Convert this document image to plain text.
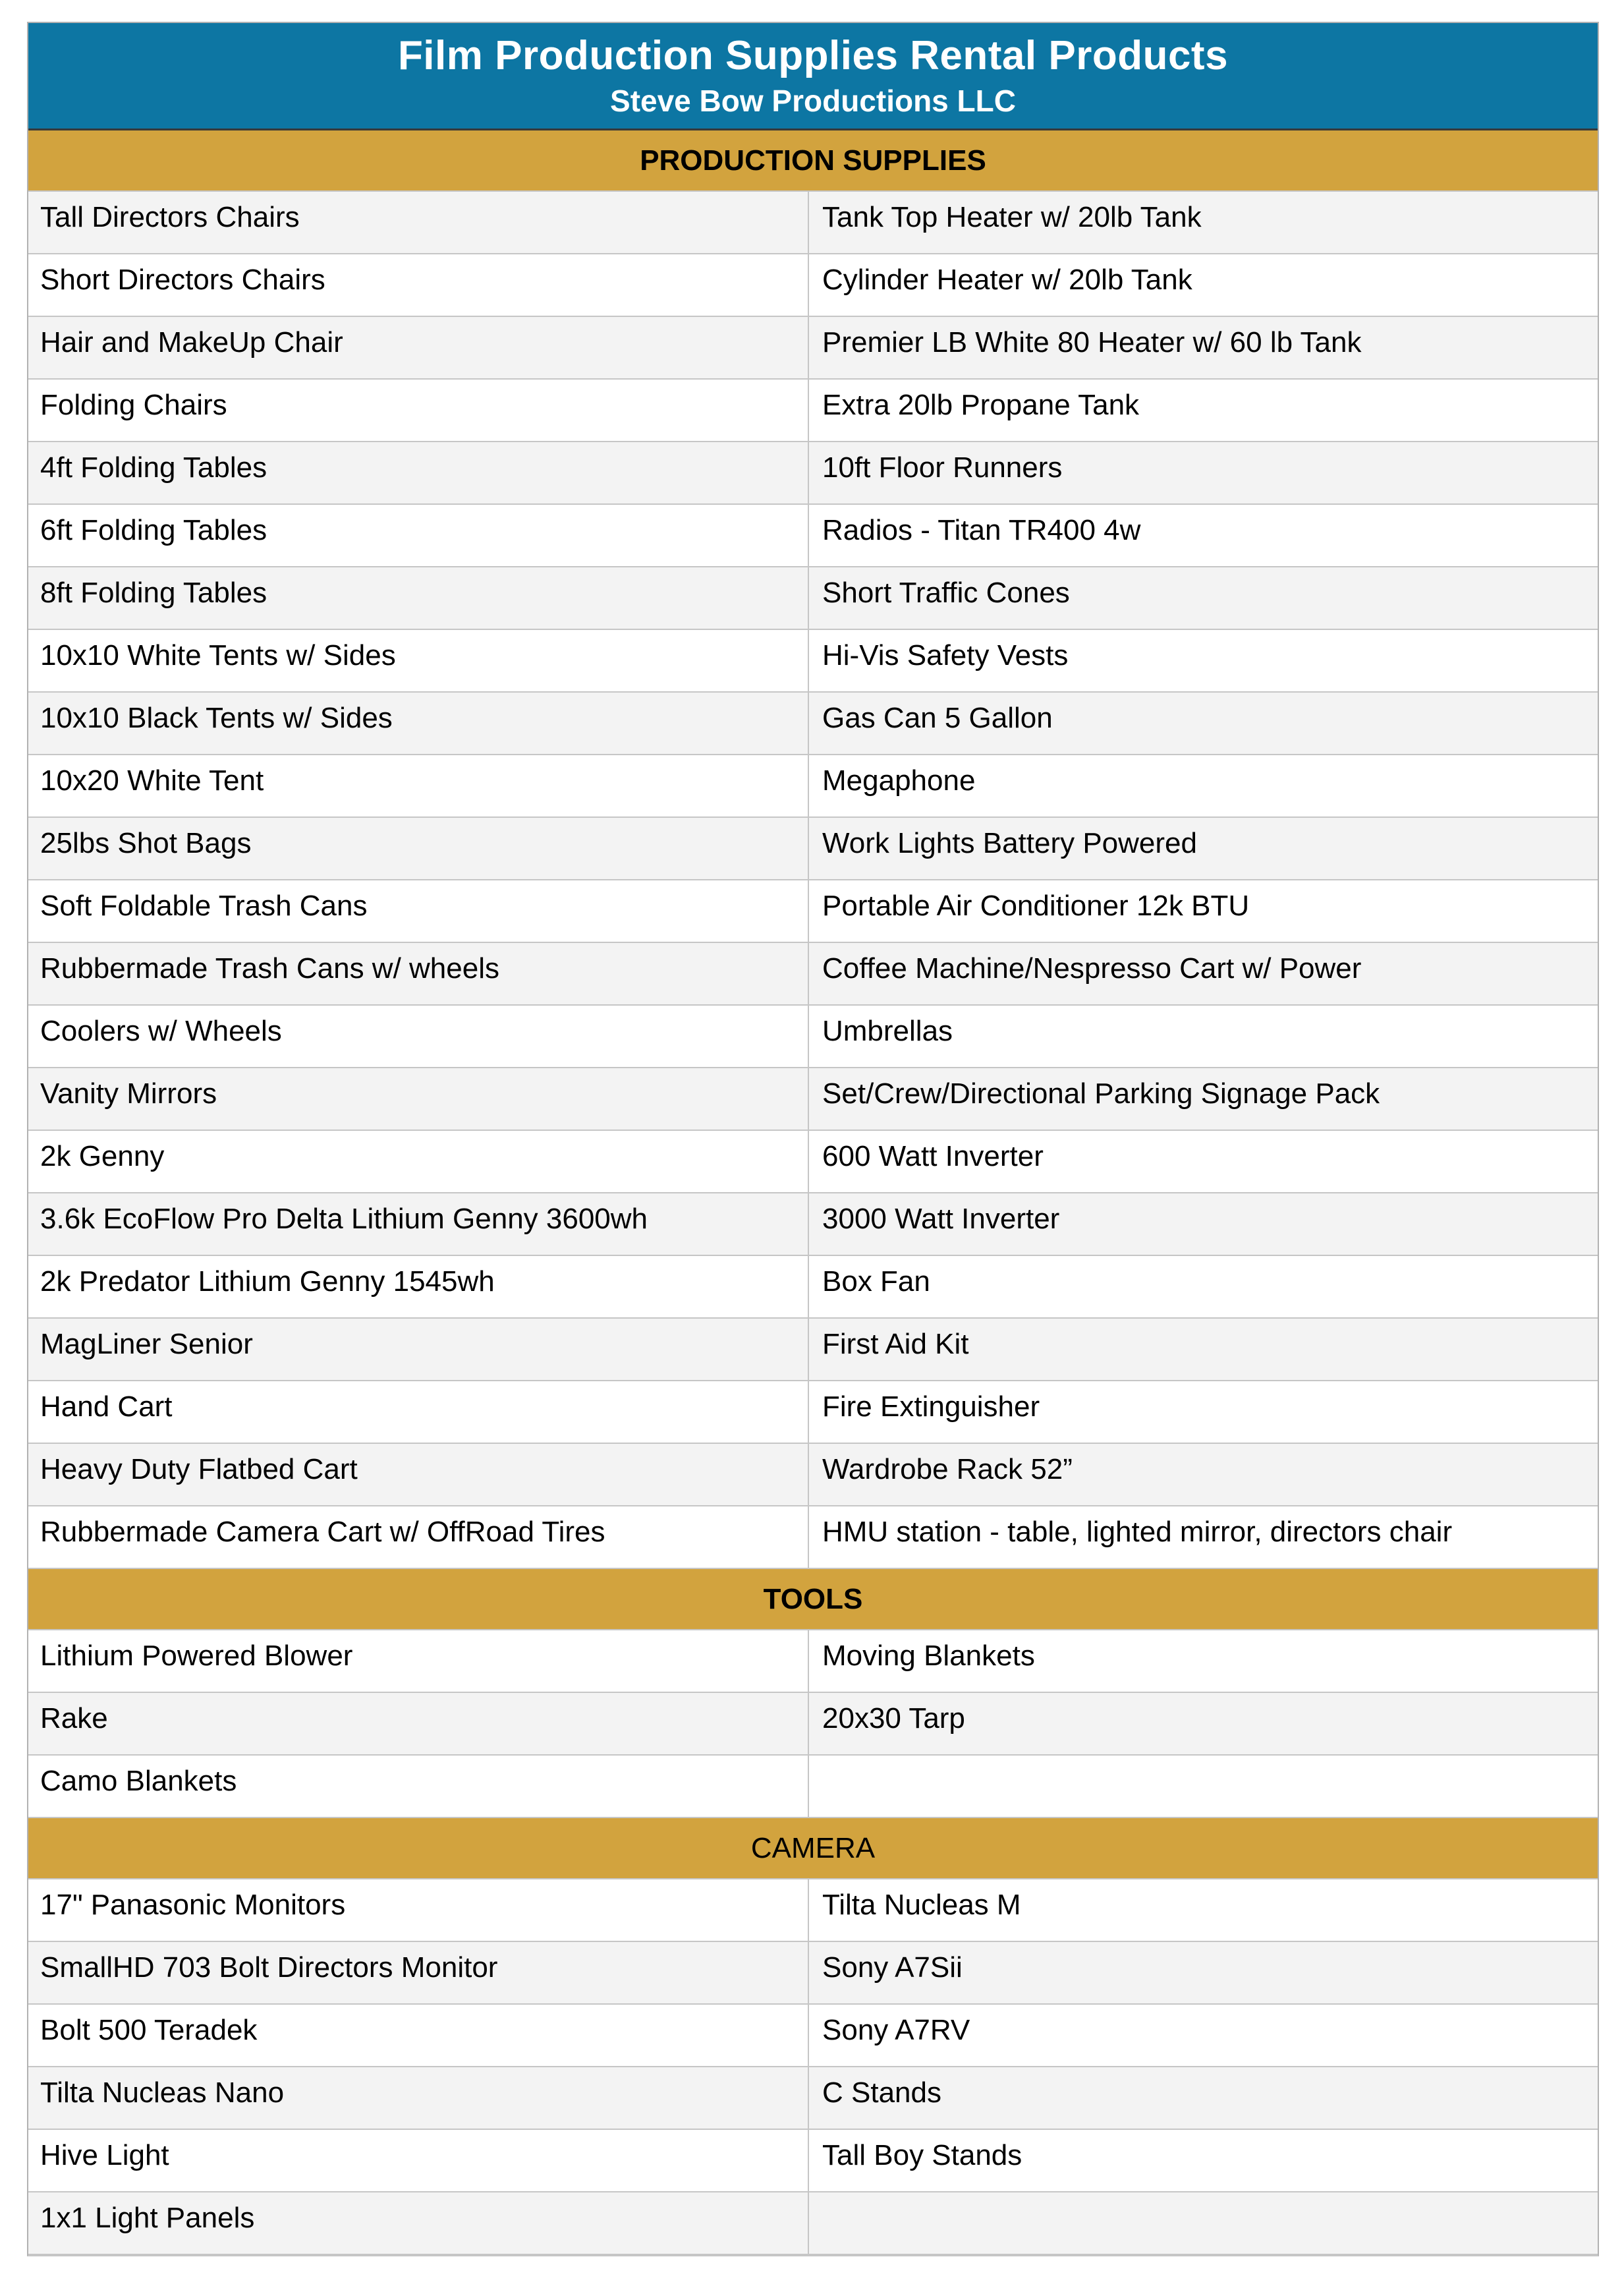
Film Production Supplies Rental Products
Steve Bow Productions LLC
PRODUCTION SUPPLIES
Tall Directors Chairs	Tank Top Heater w/ 20lb Tank
Short Directors Chairs	Cylinder Heater w/ 20lb Tank
Hair and MakeUp Chair	Premier LB White 80 Heater w/ 60 lb Tank
Folding Chairs	Extra 20lb Propane Tank
4ft Folding Tables	10ft Floor Runners
6ft Folding Tables	Radios - Titan TR400 4w
8ft Folding Tables	Short Traffic Cones
10x10 White Tents w/ Sides	Hi-Vis Safety Vests
10x10 Black Tents w/ Sides	Gas Can 5 Gallon
10x20 White Tent	Megaphone
25lbs Shot Bags	Work Lights Battery Powered
Soft Foldable Trash Cans	Portable Air Conditioner 12k BTU
Rubbermade Trash Cans w/ wheels	Coffee Machine/Nespresso Cart w/ Power
Coolers w/ Wheels	Umbrellas
Vanity Mirrors	Set/Crew/Directional Parking Signage Pack
2k Genny	600 Watt Inverter
3.6k EcoFlow Pro Delta Lithium Genny 3600wh	3000 Watt Inverter
2k Predator Lithium Genny 1545wh	Box Fan
MagLiner Senior	First Aid Kit
Hand Cart	Fire Extinguisher
Heavy Duty Flatbed Cart	Wardrobe Rack 52”
Rubbermade Camera Cart w/ OffRoad Tires	HMU station - table, lighted mirror, directors chair
TOOLS
Lithium Powered Blower	Moving Blankets
Rake	20x30 Tarp
Camo Blankets
CAMERA
17" Panasonic Monitors	Tilta Nucleas M
SmallHD 703 Bolt Directors Monitor	Sony A7Sii
Bolt 500 Teradek	Sony A7RV
Tilta Nucleas Nano	C Stands
Hive Light	Tall Boy Stands
1x1 Light Panels
